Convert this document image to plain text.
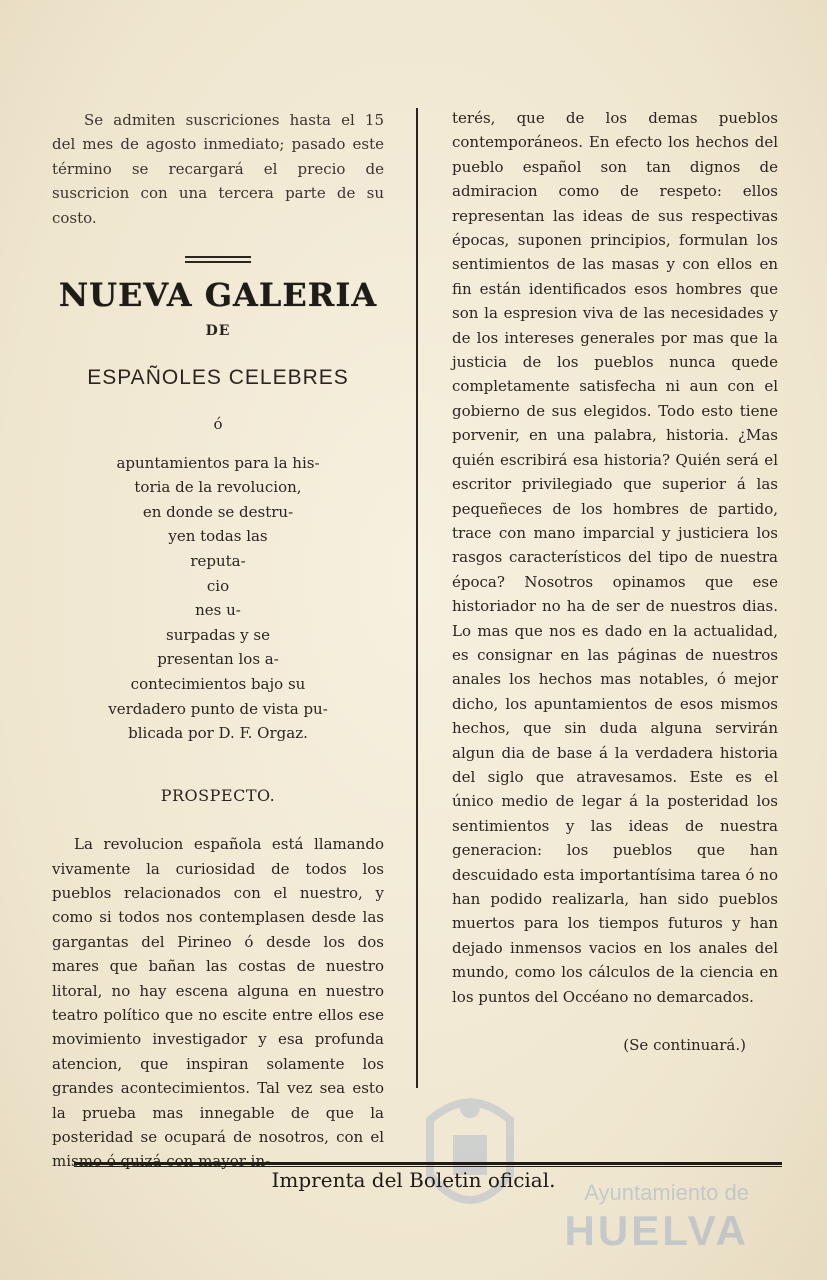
Se admiten suscriciones hasta el 15 del mes de agosto inmediato; pasado este término se recargará el precio de suscricion con una tercera parte de su costo.

NUEVA GALERIA
DE
ESPAÑOLES CELEBRES
ó

apuntamientos para la his-

toria de la revolucion,

en donde se destru-

yen todas las

reputa-

cio

nes u-

surpadas y se

presentan los a-

contecimientos bajo su

verdadero punto de vista pu-

blicada por D. F. Orgaz.

PROSPECTO.

La revolucion española está llamando vivamente la curiosidad de todos los pueblos relacionados con el nuestro, y como si todos nos contemplasen desde las gargantas del Pirineo ó desde los dos mares que bañan las costas de nuestro litoral, no hay escena alguna en nuestro teatro político que no escite entre ellos ese movimiento investigador y esa profunda atencion, que inspiran solamente los grandes acontecimientos. Tal vez sea esto la prueba mas innegable de que la posteridad se ocupará de nosotros, con el mismo ó quizá con mayor in-

terés, que de los demas pueblos contemporáneos. En efecto los hechos del pueblo español son tan dignos de admiracion como de respeto: ellos representan las ideas de sus respectivas épocas, suponen principios, formulan los sentimientos de las masas y con ellos en fin están identificados esos hombres que son la espresion viva de las necesidades y de los intereses generales por mas que la justicia de los pueblos nunca quede completamente satisfecha ni aun con el gobierno de sus elegidos. Todo esto tiene porvenir, en una palabra, historia. ¿Mas quién escribirá esa historia? Quién será el escritor privilegiado que superior á las pequeñeces de los hombres de partido, trace con mano imparcial y justiciera los rasgos característicos del tipo de nuestra época? Nosotros opinamos que ese historiador no ha de ser de nuestros dias. Lo mas que nos es dado en la actualidad, es consignar en las páginas de nuestros anales los hechos mas notables, ó mejor dicho, los apuntamientos de esos mismos hechos, que sin duda alguna servirán algun dia de base á la verdadera historia del siglo que atravesamos. Este es el único medio de legar á la posteridad los sentimientos y las ideas de nuestra generacion: los pueblos que han descuidado esta importantísima tarea ó no han podido realizarla, han sido pueblos muertos para los tiempos futuros y han dejado inmensos vacios en los anales del mundo, como los cálculos de la ciencia en los puntos del Occéano no demarcados.

(Se continuará.)
Imprenta del Boletin oficial.	Ayuntamiento de
HUELVA
